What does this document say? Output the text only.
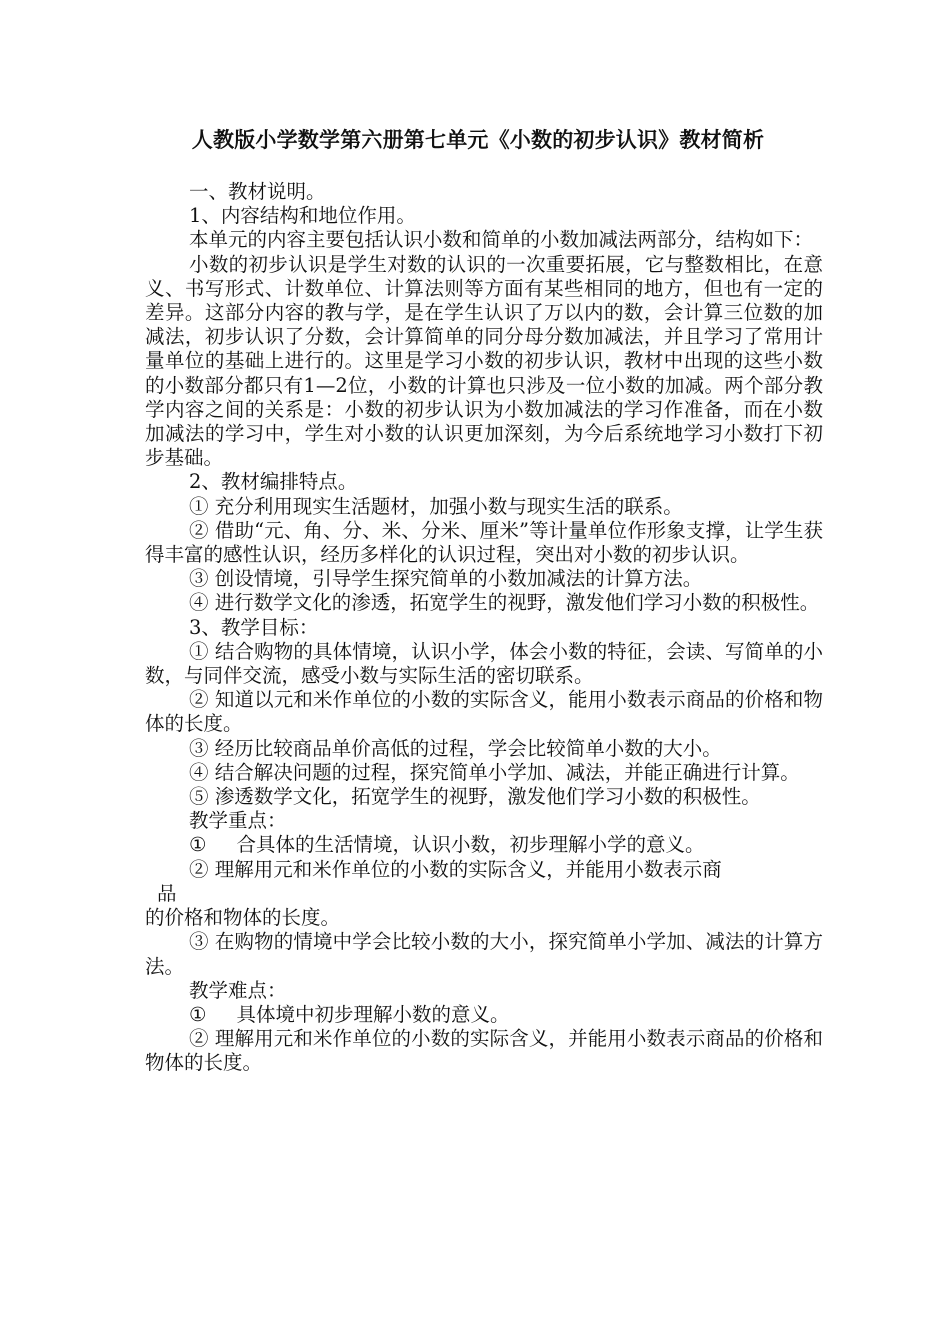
人教版小学数学第六册第七单元《小数的初步认识》教材简析

一、教材说明。

1、内容结构和地位作用。

本单元的内容主要包括认识小数和简单的小数加减法两部分，结构如下：

小数的初步认识是学生对数的认识的一次重要拓展，它与整数相比，在意义、书写形式、计数单位、计算法则等方面有某些相同的地方，但也有一定的差异。这部分内容的教与学，是在学生认识了万以内的数，会计算三位数的加减法，初步认识了分数，会计算简单的同分母分数加减法，并且学习了常用计量单位的基础上进行的。这里是学习小数的初步认识，教材中出现的这些小数的小数部分都只有1—2位，小数的计算也只涉及一位小数的加减。两个部分教学内容之间的关系是：小数的初步认识为小数加减法的学习作准备，而在小数加减法的学习中，学生对小数的认识更加深刻，为今后系统地学习小数打下初步基础。

2、教材编排特点。

① 充分利用现实生活题材，加强小数与现实生活的联系。

② 借助“元、角、分、米、分米、厘米”等计量单位作形象支撑，让学生获得丰富的感性认识，经历多样化的认识过程，突出对小数的初步认识。

③ 创设情境，引导学生探究简单的小数加减法的计算方法。

④ 进行数学文化的渗透，拓宽学生的视野，激发他们学习小数的积极性。

3、教学目标：

① 结合购物的具体情境，认识小学，体会小数的特征，会读、写简单的小数，与同伴交流，感受小数与实际生活的密切联系。

② 知道以元和米作单位的小数的实际含义，能用小数表示商品的价格和物体的长度。

③ 经历比较商品单价高低的过程，学会比较简单小数的大小。

④ 结合解决问题的过程，探究简单小学加、减法，并能正确进行计算。

⑤ 渗透数学文化，拓宽学生的视野，激发他们学习小数的积极性。

教学重点：

① 合具体的生活情境，认识小数，初步理解小学的意义。

② 理解用元和米作单位的小数的实际含义，并能用小数表示商

品

的价格和物体的长度。

③ 在购物的情境中学会比较小数的大小，探究简单小学加、减法的计算方法。

教学难点：

① 具体境中初步理解小数的意义。

② 理解用元和米作单位的小数的实际含义，并能用小数表示商品的价格和物体的长度。
